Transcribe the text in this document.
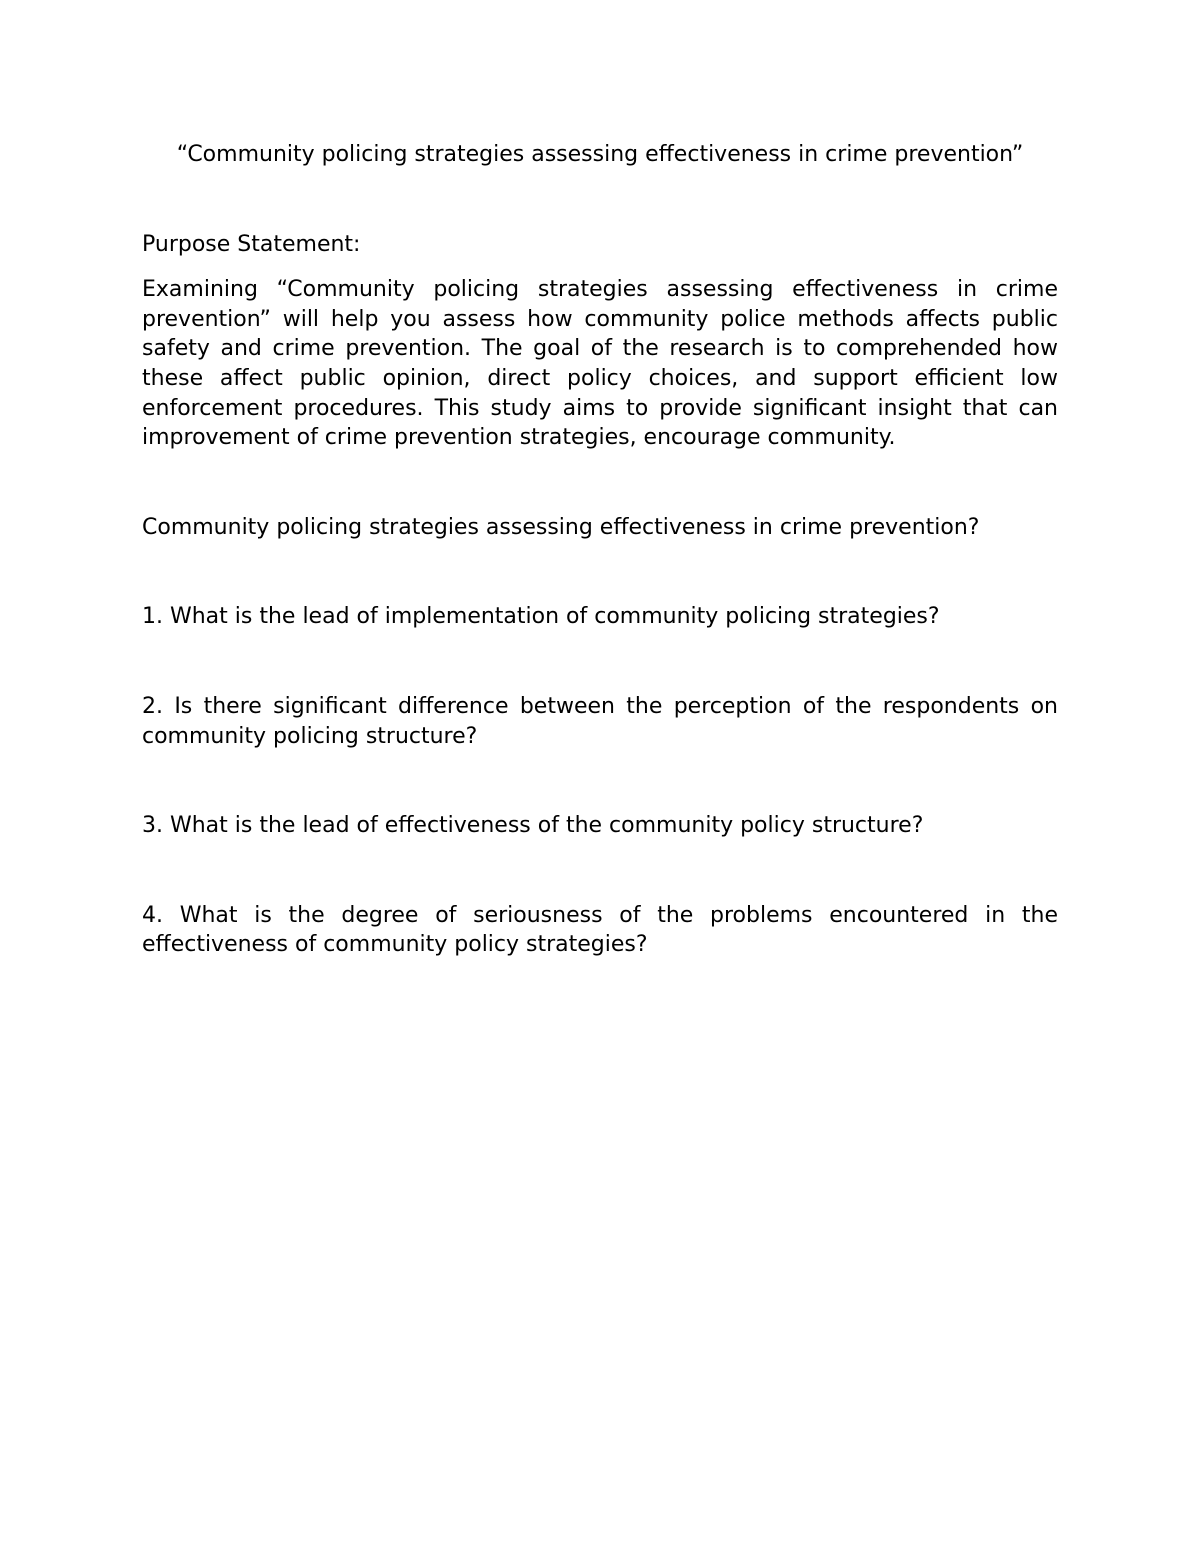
“Community policing strategies assessing effectiveness in crime prevention”

Purpose Statement:

Examining “Community policing strategies assessing effectiveness in crime prevention” will help you assess how community police methods affects public safety and crime prevention. The goal of the research is to comprehended how these affect public opinion, direct policy choices, and support efficient low enforcement procedures. This study aims to provide significant insight that can improvement of crime prevention strategies, encourage community.

Community policing strategies assessing effectiveness in crime prevention?

1. What is the lead of implementation of community policing strategies?

2. Is there significant difference between the perception of the respondents on community policing structure?

3. What is the lead of effectiveness of the community policy structure?

4. What is the degree of seriousness of the problems encountered in the effectiveness of community policy strategies?
